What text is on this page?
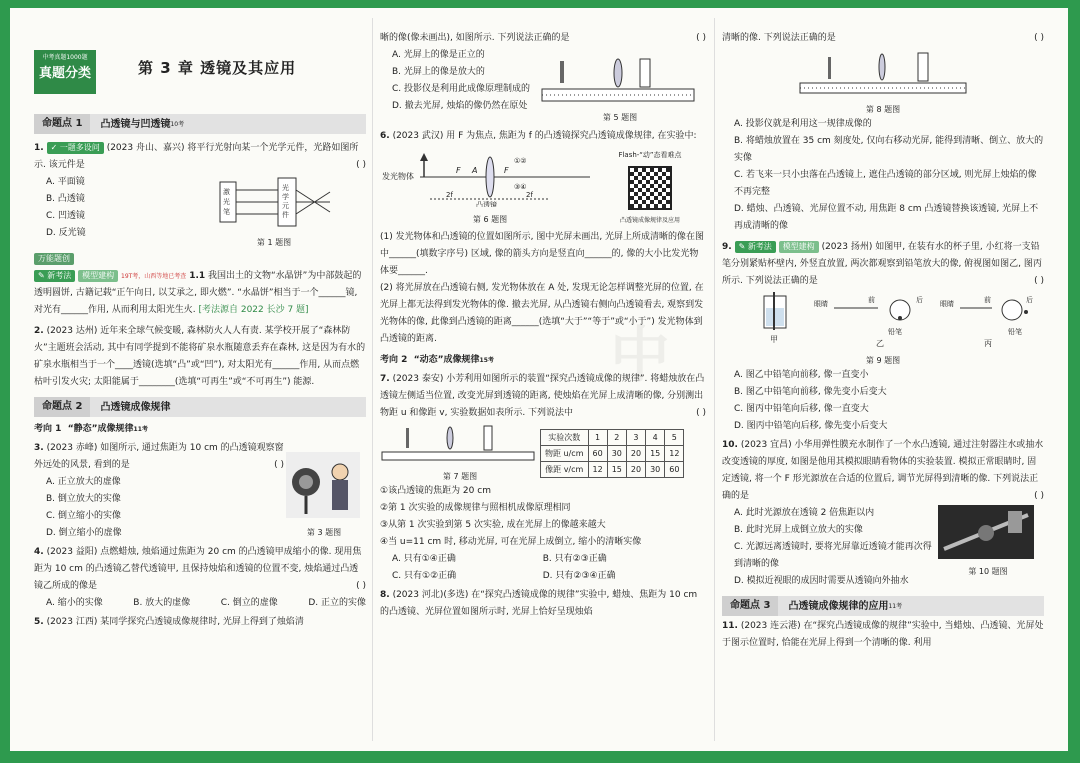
中
中考真题1000题
真题分类	第 3 章 透镜及其应用
命题点 1	凸透镜与凹透镜 10考
1. ✓ 一题多设问 (2023 舟山、嘉兴) 将平行光射向某一个光学元件，光路如图所示. 该元件是	( )
A. 平面镜
B. 凸透镜
C. 凹透镜
D. 反光镜
激
光
笔
光
学
元
件
第 1 题图
万能题创
✎ 新考法 模型建构 19T考，山西等地已考查 1.1 我国出土的文物“水晶饼”为中部鼓起的透明圆饼, 古籍记载“正午向日, 以艾承之, 即火燃”. “水晶饼”相当于一个______镜, 对光有______作用, 从而利用太阳光生火. [考法源自 2022 长沙 7 题]
2. (2023 达州) 近年来全球气候变暖, 森林防火人人有责. 某学校开展了“森林防火”主题班会活动, 其中有同学提到不能将矿泉水瓶随意丢弃在森林, 这是因为有水的矿泉水瓶相当于一个____透镜(选填“凸”或“凹”), 对太阳光有______作用, 从而点燃枯叶引发火灾; 太阳能属于________(选填“可再生”或“不可再生”) 能源.
命题点 2	凸透镜成像规律
考向 1 “静态”成像规律11考
3. (2023 赤峰) 如图所示, 通过焦距为 10 cm 的凸透镜观察窗外远处的风景, 看到的是	( )
A. 正立放大的虚像
B. 倒立放大的实像
C. 倒立缩小的实像
D. 倒立缩小的虚像	第 3 题图
4. (2023 益阳) 点燃蜡烛, 烛焰通过焦距为 20 cm 的凸透镜甲成缩小的像. 现用焦距为 10 cm 的凸透镜乙替代透镜甲, 且保持烛焰和透镜的位置不变, 烛焰通过凸透镜乙所成的像是	( )
A. 缩小的实像	B. 放大的虚像	C. 倒立的虚像	D. 正立的实像
5. (2023 江西) 某同学探究凸透镜成像规律时, 光屏上得到了烛焰清
晰的像(像未画出), 如图所示. 下列说法正确的是	( )
A. 光屏上的像是正立的
B. 光屏上的像是放大的
C. 投影仪是利用此成像原理制成的
D. 撤去光屏, 烛焰的像仍然在原处
第 5 题图
6. (2023 武汉) 用 F 为焦点, 焦距为 f 的凸透镜探究凸透镜成像规律, 在实验中:
发光物体
F A	F
①②
③④
2f	2f
凸透镜
第 6 题图
Flash-“动”态看难点
凸透镜成像规律及应用
(1) 发光物体和凸透镜的位置如图所示, 图中光屏未画出, 光屏上所成清晰的像在图中______(填数字序号) 区域, 像的箭头方向是竖直向______的, 像的大小比发光物体要______.
(2) 将光屏放在凸透镜右侧, 发光物体放在 A 处, 发现无论怎样调整光屏的位置, 在光屏上都无法得到发光物体的像. 撤去光屏, 从凸透镜右侧向凸透镜看去, 观察到发光物体的像, 此像到凸透镜的距离______(选填“大于”“等于”或“小于”) 发光物体到凸透镜的距离.
考向 2 “动态”成像规律15考
7. (2023 泰安) 小芳利用如图所示的装置“探究凸透镜成像的规律”. 将蜡烛放在凸透镜左侧适当位置, 改变光屏到透镜的距离, 使烛焰在光屏上成清晰的像, 分别测出物距 u 和像距 v, 实验数据如表所示. 下列说法中	( )
第 7 题图
实验次数	1	2	3	4	5
物距 u/cm	60	30	20	15	12
像距 v/cm	12	15	20	30	60
①该凸透镜的焦距为 20 cm
②第 1 次实验的成像规律与照相机成像原理相同
③从第 1 次实验到第 5 次实验, 成在光屏上的像越来越大
④当 u=11 cm 时, 移动光屏, 可在光屏上成倒立, 缩小的清晰实像
A. 只有①④正确	B. 只有②③正确
C. 只有①②正确	D. 只有②③④正确
8. (2023 河北)(多选) 在“探究凸透镜成像的规律”实验中, 蜡烛、焦距为 10 cm 的凸透镜、光屏位置如图所示时, 光屏上恰好呈现烛焰
清晰的像. 下列说法正确的是	( )
第 8 题图
A. 投影仪就是利用这一规律成像的
B. 将蜡烛放置在 35 cm 刻度处, 仅向右移动光屏, 能得到清晰、倒立、放大的实像
C. 若飞来一只小虫落在凸透镜上, 遮住凸透镜的部分区域, 则光屏上烛焰的像不再完整
D. 蜡烛、凸透镜、光屏位置不动, 用焦距 8 cm 凸透镜替换该透镜, 光屏上不再成清晰的像
9. ✎ 新考法 模型建构 (2023 扬州) 如图甲, 在装有水的杯子里, 小红将一支铅笔分别紧贴杯壁内, 外竖直放置, 两次都观察到铅笔放大的像, 俯视图如图乙, 图丙所示. 下列说法正确的是	( )
甲
眼睛	前	后
铅笔
乙
眼睛	前	后
铅笔
丙
第 9 题图
A. 图乙中铅笔向前移, 像一直变小
B. 图乙中铅笔向前移, 像先变小后变大
C. 图丙中铅笔向后移, 像一直变大
D. 图丙中铅笔向后移, 像先变小后变大
10. (2023 宜昌) 小华用弹性膜充水制作了一个水凸透镜, 通过注射器注水或抽水改变透镜的厚度, 如图是他用其模拟眼睛看物体的实验装置. 模拟正常眼睛时, 固定透镜, 将一个 F 形光源放在合适的位置后, 调节光屏得到清晰的像. 下列说法正确的是	( )
A. 此时光源放在透镜 2 倍焦距以内
B. 此时光屏上成倒立放大的实像
C. 光源远离透镜时, 要将光屏靠近透镜才能再次得到清晰的像
D. 模拟近视眼的成因时需要从透镜向外抽水
第 10 题图
命题点 3	凸透镜成像规律的应用 11考
11. (2023 连云港) 在“探究凸透镜成像的规律”实验中, 当蜡烛、凸透镜、光屏处于图示位置时, 恰能在光屏上得到一个清晰的像. 利用
